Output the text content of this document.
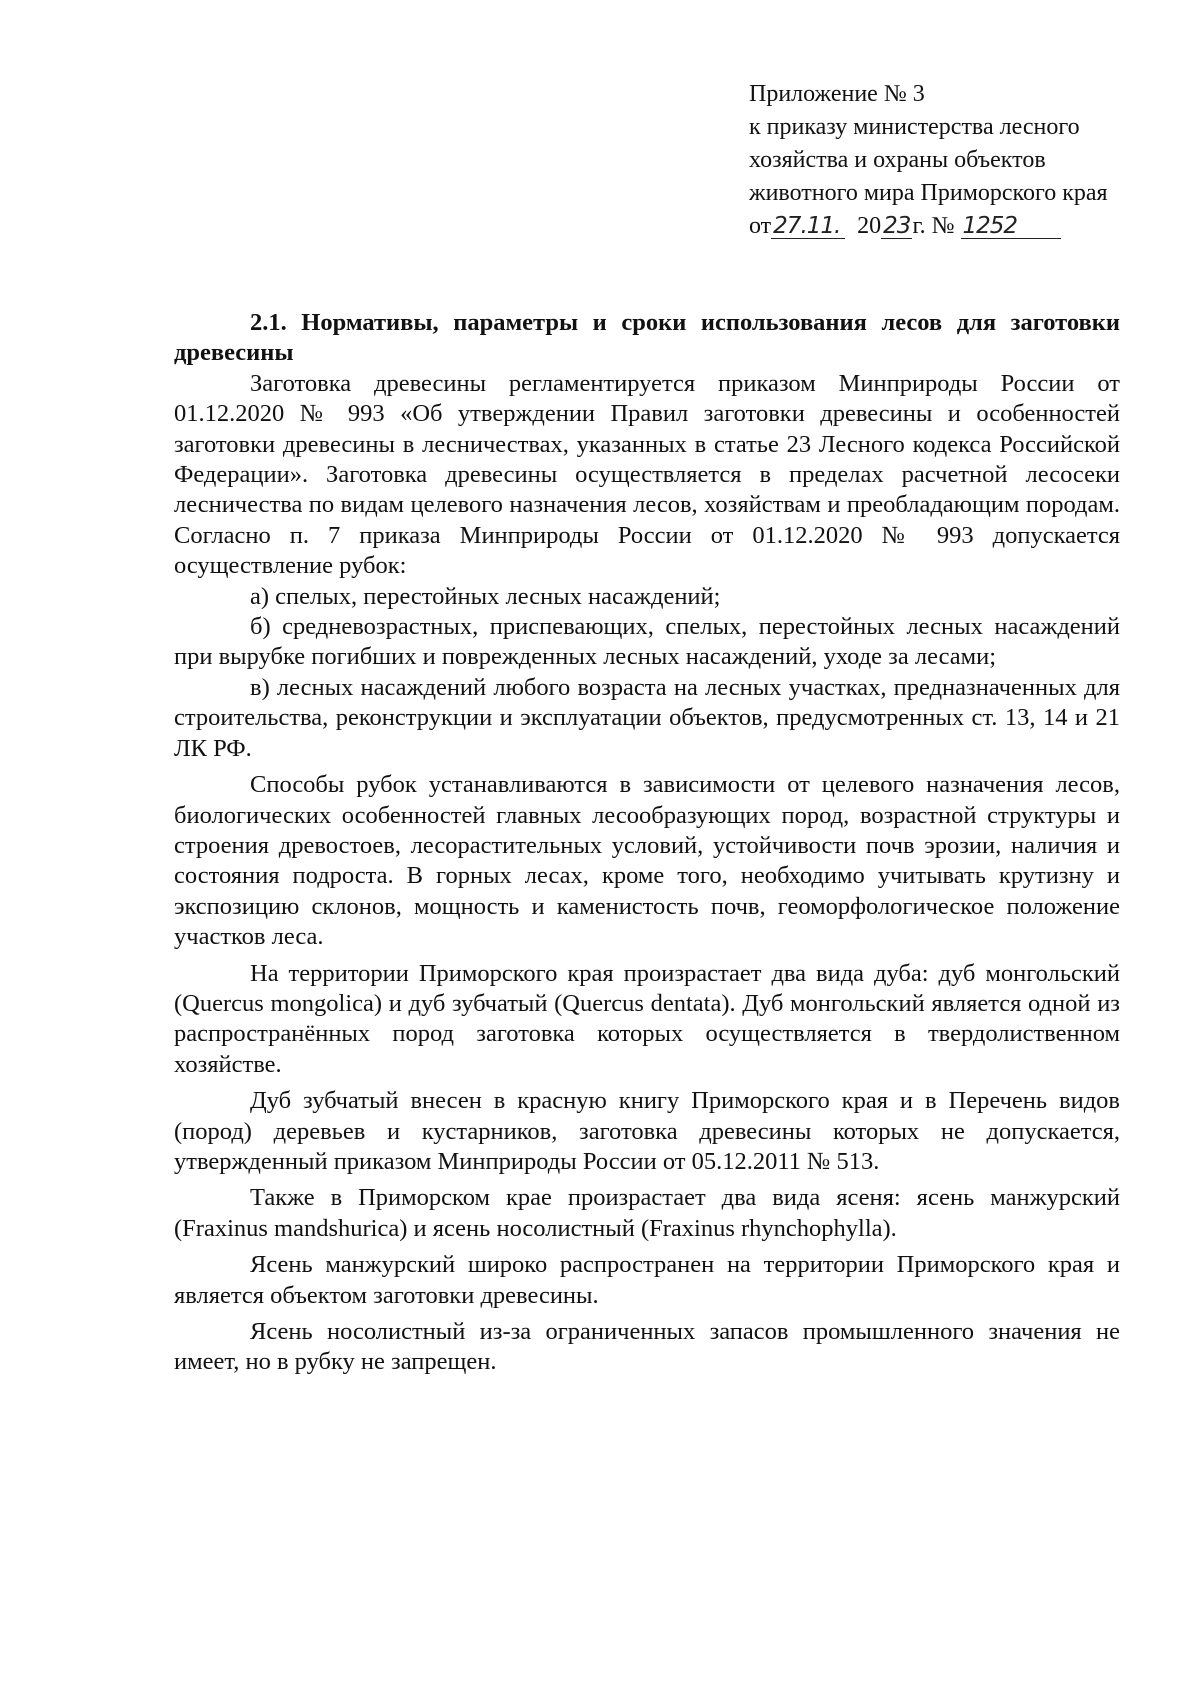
Приложение № 3
к приказу министерства лесного
хозяйства и охраны объектов
животного мира Приморского края
от27.11. 2023г. № 1252

2.1. Нормативы, параметры и сроки использования лесов для заготовки древесины

Заготовка древесины регламентируется приказом Минприроды России от 01.12.2020 № 993 «Об утверждении Правил заготовки древесины и особенностей заготовки древесины в лесничествах, указанных в статье 23 Лесного кодекса Российской Федерации». Заготовка древесины осуществляется в пределах расчетной лесосеки лесничества по видам целевого назначения лесов, хозяйствам и преобладающим породам. Согласно п. 7 приказа Минприроды России от 01.12.2020 № 993 допускается осуществление рубок:

а) спелых, перестойных лесных насаждений;

б) средневозрастных, приспевающих, спелых, перестойных лесных насаждений при вырубке погибших и поврежденных лесных насаждений, уходе за лесами;

в) лесных насаждений любого возраста на лесных участках, предназначенных для строительства, реконструкции и эксплуатации объектов, предусмотренных ст. 13, 14 и 21 ЛК РФ.

Способы рубок устанавливаются в зависимости от целевого назначения лесов, биологических особенностей главных лесообразующих пород, возрастной структуры и строения древостоев, лесорастительных условий, устойчивости почв эрозии, наличия и состояния подроста. В горных лесах, кроме того, необходимо учитывать крутизну и экспозицию склонов, мощность и каменистость почв, геоморфологическое положение участков леса.

На территории Приморского края произрастает два вида дуба: дуб монгольский (Quercus mongolica) и дуб зубчатый (Quercus dentata). Дуб монгольский является одной из распространённых пород заготовка которых осуществляется в твердолиственном хозяйстве.

Дуб зубчатый внесен в красную книгу Приморского края и в Перечень видов (пород) деревьев и кустарников, заготовка древесины которых не допускается, утвержденный приказом Минприроды России от 05.12.2011 № 513.

Также в Приморском крае произрастает два вида ясеня: ясень манжурский (Fraxinus mandshurica) и ясень носолистный (Fraxinus rhynchophylla).

Ясень манжурский широко распространен на территории Приморского края и является объектом заготовки древесины.

Ясень носолистный из-за ограниченных запасов промышленного значения не имеет, но в рубку не запрещен.
